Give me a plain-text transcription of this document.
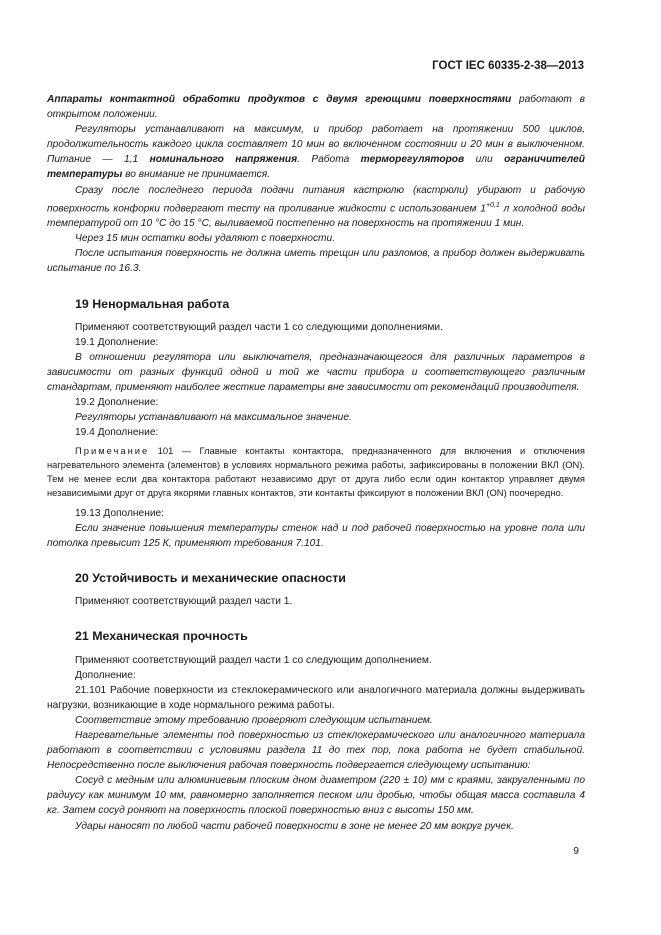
ГОСТ IEC 60335-2-38—2013

Аппараты контактной обработки продуктов с двумя греющими поверхностями работают в открытом положении.

Регуляторы устанавливают на максимум, и прибор работает на протяжении 500 циклов, продолжительность каждого цикла составляет 10 мин во включенном состоянии и 20 мин в выключенном. Питание — 1,1 номинального напряжения. Работа терморегуляторов или ограничителей температуры во внимание не принимается.

Сразу после последнего периода подачи питания кастрюлю (кастрюли) убирают и рабочую поверхность конфорки подвергают тесту на проливание жидкости с использованием $1^{+0,1}$ л холодной воды температурой от 10 °С до 15 °С, выливаемой постепенно на поверхность на протяжении 1 мин.

Через 15 мин остатки воды удаляют с поверхности.

После испытания поверхность не должна иметь трещин или разломов, а прибор должен выдерживать испытание по 16.3.

19 Ненормальная работа

Применяют соответствующий раздел части 1 со следующими дополнениями.

19.1 Дополнение:

В отношении регулятора или выключателя, предназначающегося для различных параметров в зависимости от разных функций одной и той же части прибора и соответствующего различным стандартам, применяют наиболее жесткие параметры вне зависимости от рекомендаций производителя.

19.2 Дополнение:

Регуляторы устанавливают на максимальное значение.

19.4 Дополнение:

Примечание 101 — Главные контакты контактора, предназначенного для включения и отключения нагревательного элемента (элементов) в условиях нормального режима работы, зафиксированы в положении ВКЛ (ON). Тем не менее если два контактора работают независимо друг от друга либо если один контактор управляет двумя независимыми друг от друга якорями главных контактов, эти контакты фиксируют в положении ВКЛ (ON) поочередно.

19.13 Дополнение:

Если значение повышения температуры стенок над и под рабочей поверхностью на уровне пола или потолка превысит 125 К, применяют требования 7.101.

20 Устойчивость и механические опасности

Применяют соответствующий раздел части 1.

21 Механическая прочность

Применяют соответствующий раздел части 1 со следующим дополнением.

Дополнение:

21.101 Рабочие поверхности из стеклокерамического или аналогичного материала должны выдерживать нагрузки, возникающие в ходе нормального режима работы.

Соответствие этому требованию проверяют следующим испытанием.

Нагревательные элементы под поверхностью из стеклокерамического или аналогичного материала работают в соответствии с условиями раздела 11 до тех пор, пока работа не будет стабильной. Непосредственно после выключения рабочая поверхность подвергается следующему испытанию:

Сосуд с медным или алюминиевым плоским дном диаметром (220 ± 10) мм с краями, закругленными по радиусу как минимум 10 мм, равномерно заполняется песком или дробью, чтобы общая масса составила 4 кг. Затем сосуд роняют на поверхность плоской поверхностью вниз с высоты 150 мм.

Удары наносят по любой части рабочей поверхности в зоне не менее 20 мм вокруг ручек.

9
